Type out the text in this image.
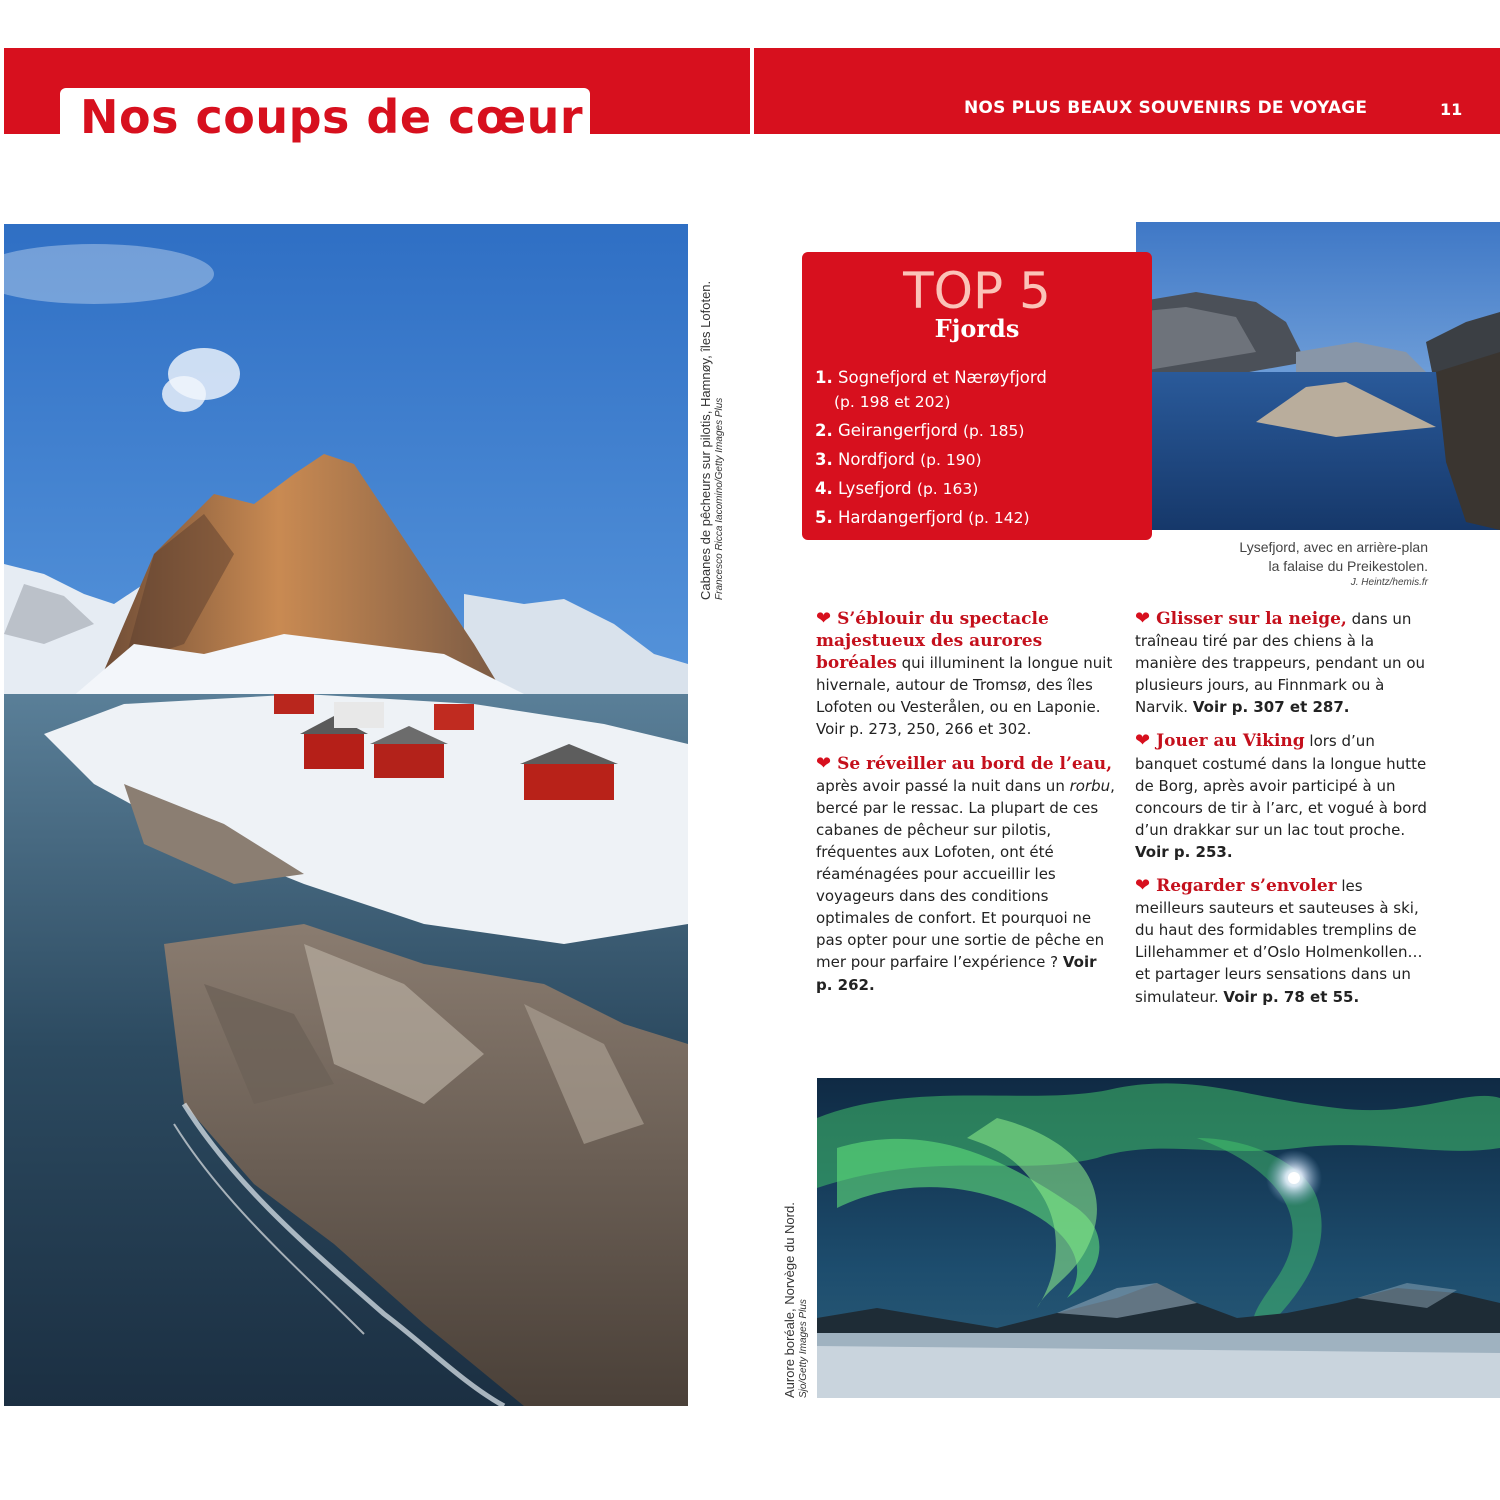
Nos coups de cœur	NOS PLUS BEAUX SOUVENIRS DE VOYAGE	11
Cabanes de pêcheurs sur pilotis, Hamnøy, îles Lofoten. Francesco Ricca Iacomino/Getty Images Plus
TOP 5
Fjords
1. Sognefjord et Nærøyfjord
(p. 198 et 202)
2. Geirangerfjord (p. 185)
3. Nordfjord (p. 190)
4. Lysefjord (p. 163)
5. Hardangerfjord (p. 142)
Lysefjord, avec en arrière-plan
la falaise du Preikestolen.
J. Heintz/hemis.fr

❤ S’éblouir du spectacle majestueux des aurores boréales qui illuminent la longue nuit hivernale, autour de Tromsø, des îles Lofoten ou Vesterålen, ou en Laponie.
Voir p. 273, 250, 266 et 302.

❤ Se réveiller au bord de l’eau, après avoir passé la nuit dans un rorbu, bercé par le ressac. La plupart de ces cabanes de pêcheur sur pilotis, fréquentes aux Lofoten, ont été réaménagées pour accueillir les voyageurs dans des conditions optimales de confort. Et pourquoi ne pas opter pour une sortie de pêche en mer pour parfaire l’expérience ? Voir p. 262.

❤ Glisser sur la neige, dans un traîneau tiré par des chiens à la manière des trappeurs, pendant un ou plusieurs jours, au Finnmark ou à Narvik. Voir p. 307 et 287.

❤ Jouer au Viking lors d’un banquet costumé dans la longue hutte de Borg, après avoir participé à un concours de tir à l’arc, et vogué à bord d’un drakkar sur un lac tout proche. Voir p. 253.

❤ Regarder s’envoler les meilleurs sauteurs et sauteuses à ski, du haut des formidables tremplins de Lillehammer et d’Oslo Holmenkollen… et partager leurs sensations dans un simulateur. Voir p. 78 et 55.

Aurore boréale, Norvège du Nord. Sjo/Getty Images Plus
